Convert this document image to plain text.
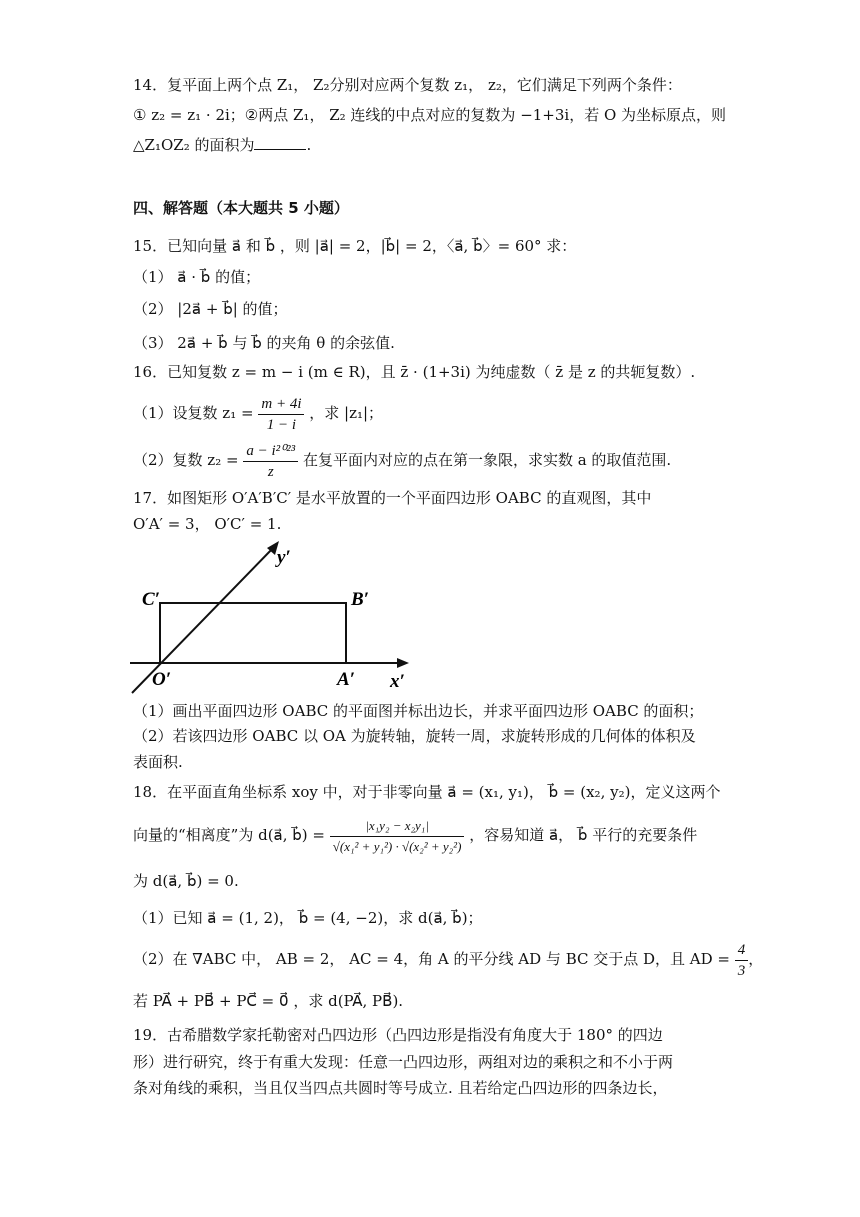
14．复平面上两个点 Z₁， Z₂分别对应两个复数 z₁， z₂，它们满足下列两个条件：
① z₂ = z₁ · 2i；②两点 Z₁， Z₂ 连线的中点对应的复数为 −1+3i，若 O 为坐标原点，则
△Z₁OZ₂ 的面积为	.
四、解答题（本大题共 5 小题）
15．已知向量 a⃗ 和 b⃗ ，则 |a⃗| = 2，|b⃗| = 2，〈a⃗, b⃗〉= 60° 求：
（1） a⃗ · b⃗ 的值；
（2） |2a⃗ + b⃗| 的值；
（3） 2a⃗ + b⃗ 与 b⃗ 的夹角 θ 的余弦值.
16．已知复数 z = m − i (m ∈ R)，且 z̄ · (1+3i) 为纯虚数（ z̄ 是 z 的共轭复数）.
（1）设复数 $z_1 = \frac{m + 4i}{1 - i}$ ，求 |z₁|；
（2）复数 $z_2 = \frac{\text{a − i²⁰²³}}{z}$ 在复平面内对应的点在第一象限，求实数 a 的取值范围.
17．如图矩形 O′A′B′C′ 是水平放置的一个平面四边形 OABC 的直观图，其中
O′A′ = 3， O′C′ = 1.
y′
x′
C′	B′
O′	A′
（1）画出平面四边形 OABC 的平面图并标出边长，并求平面四边形 OABC 的面积；
（2）若该四边形 OABC 以 OA 为旋转轴，旋转一周，求旋转形成的几何体的体积及
表面积.
18．在平面直角坐标系 xoy 中，对于非零向量 a⃗ = (x₁, y₁)， b⃗ = (x₂, y₂)，定义这两个
向量的“相离度”为 d(a⃗, b⃗) = $\frac{\text{|x₁y₂ − x₂y₁|}}{\text{√(x₁² + y₁²) · √(x₂² + y₂²)}}$ ，容易知道 a⃗， b⃗ 平行的充要条件
为 d(a⃗, b⃗) = 0.
（1）已知 a⃗ = (1, 2)， b⃗ = (4, −2)，求 d(a⃗, b⃗)；
（2）在 ∇ABC 中， AB = 2， AC = 4，角 A 的平分线 AD 与 BC 交于点 D，且 AD = $\frac{4}{3}$ ，
若 PA⃗ + PB⃗ + PC⃗ = 0⃗ ，求 d(PA⃗, PB⃗).
19．古希腊数学家托勒密对凸四边形（凸四边形是指没有角度大于 180° 的四边
形）进行研究，终于有重大发现：任意一凸四边形，两组对边的乘积之和不小于两
条对角线的乘积，当且仅当四点共圆时等号成立. 且若给定凸四边形的四条边长，
